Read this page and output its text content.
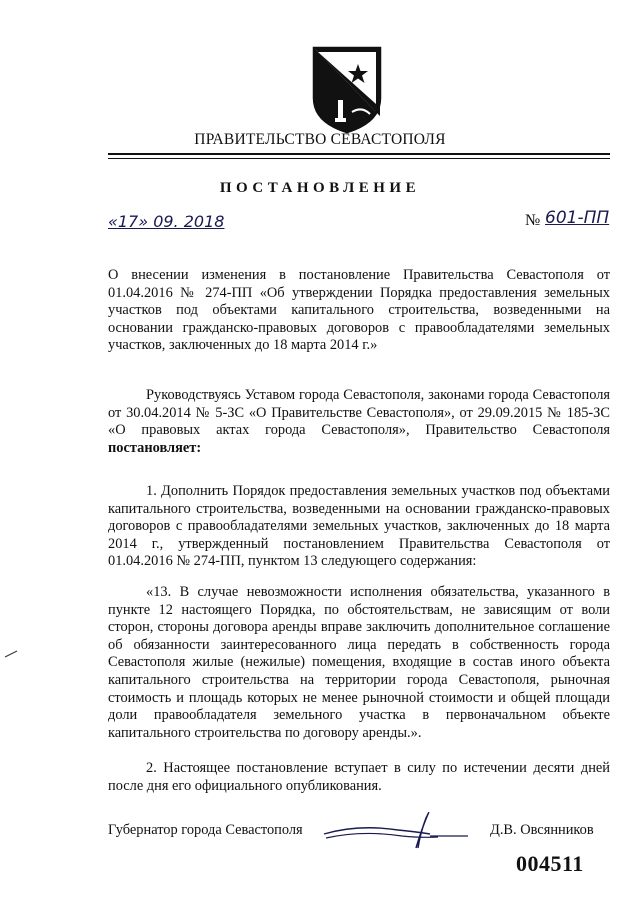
ПРАВИТЕЛЬСТВО СЕВАСТОПОЛЯ
ПОСТАНОВЛЕНИЕ
«17» 09. 2018	№ 601-ПП

О внесении изменения в постановление Правительства Севастополя от 01.04.2016 № 274-ПП «Об утверждении Порядка предоставления земельных участков под объектами капитального строительства, возведенными на основании гражданско-правовых договоров с правообладателями земельных участков, заключенных до 18 марта 2014 г.»

Руководствуясь Уставом города Севастополя, законами города Севастополя от 30.04.2014 № 5-ЗС «О Правительстве Севастополя», от 29.09.2015 № 185-ЗС «О правовых актах города Севастополя», Правительство Севастополя постановляет:

1. Дополнить Порядок предоставления земельных участков под объектами капитального строительства, возведенными на основании гражданско-правовых договоров с правообладателями земельных участков, заключенных до 18 марта 2014 г., утвержденный постановлением Правительства Севастополя от 01.04.2016 № 274-ПП, пунктом 13 следующего содержания:

«13. В случае невозможности исполнения обязательства, указанного в пункте 12 настоящего Порядка, по обстоятельствам, не зависящим от воли сторон, стороны договора аренды вправе заключить дополнительное соглашение об обязанности заинтересованного лица передать в собственность города Севастополя жилые (нежилые) помещения, входящие в состав иного объекта капитального строительства на территории города Севастополя, рыночная стоимость и площадь которых не менее рыночной стоимости и общей площади доли правообладателя земельного участка в первоначальном объекте капитального строительства по договору аренды.».

2. Настоящее постановление вступает в силу по истечении десяти дней после дня его официального опубликования.

Губернатор города Севастополя	Д.В. Овсянников
004511
